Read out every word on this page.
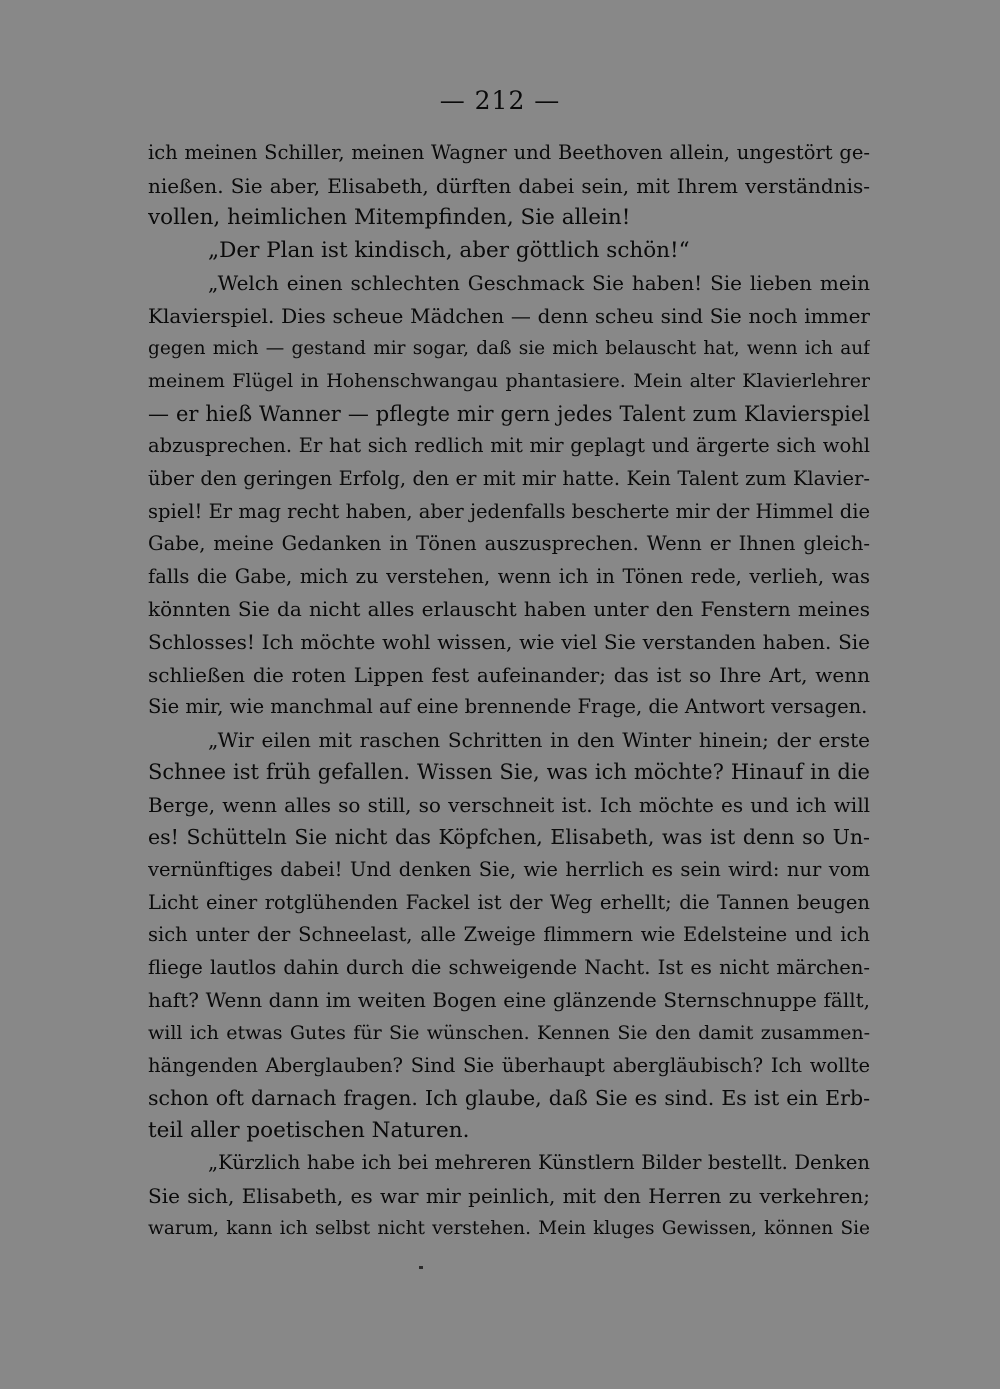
— 212 —
ich meinen Schiller, meinen Wagner und Beethoven allein, ungestört ge-
nießen. Sie aber, Elisabeth, dürften dabei sein, mit Ihrem verständnis-
vollen, heimlichen Mitempfinden, Sie allein!
„Der Plan ist kindisch, aber göttlich schön!“
„Welch einen schlechten Geschmack Sie haben! Sie lieben mein
Klavierspiel. Dies scheue Mädchen — denn scheu sind Sie noch immer
gegen mich — gestand mir sogar, daß sie mich belauscht hat, wenn ich auf
meinem Flügel in Hohenschwangau phantasiere. Mein alter Klavierlehrer
— er hieß Wanner — pflegte mir gern jedes Talent zum Klavierspiel
abzusprechen. Er hat sich redlich mit mir geplagt und ärgerte sich wohl
über den geringen Erfolg, den er mit mir hatte. Kein Talent zum Klavier-
spiel! Er mag recht haben, aber jedenfalls bescherte mir der Himmel die
Gabe, meine Gedanken in Tönen auszusprechen. Wenn er Ihnen gleich-
falls die Gabe, mich zu verstehen, wenn ich in Tönen rede, verlieh, was
könnten Sie da nicht alles erlauscht haben unter den Fenstern meines
Schlosses! Ich möchte wohl wissen, wie viel Sie verstanden haben. Sie
schließen die roten Lippen fest aufeinander; das ist so Ihre Art, wenn
Sie mir, wie manchmal auf eine brennende Frage, die Antwort versagen.
„Wir eilen mit raschen Schritten in den Winter hinein; der erste
Schnee ist früh gefallen. Wissen Sie, was ich möchte? Hinauf in die
Berge, wenn alles so still, so verschneit ist. Ich möchte es und ich will
es! Schütteln Sie nicht das Köpfchen, Elisabeth, was ist denn so Un-
vernünftiges dabei! Und denken Sie, wie herrlich es sein wird: nur vom
Licht einer rotglühenden Fackel ist der Weg erhellt; die Tannen beugen
sich unter der Schneelast, alle Zweige flimmern wie Edelsteine und ich
fliege lautlos dahin durch die schweigende Nacht. Ist es nicht märchen-
haft? Wenn dann im weiten Bogen eine glänzende Sternschnuppe fällt,
will ich etwas Gutes für Sie wünschen. Kennen Sie den damit zusammen-
hängenden Aberglauben? Sind Sie überhaupt abergläubisch? Ich wollte
schon oft darnach fragen. Ich glaube, daß Sie es sind. Es ist ein Erb-
teil aller poetischen Naturen.
„Kürzlich habe ich bei mehreren Künstlern Bilder bestellt. Denken
Sie sich, Elisabeth, es war mir peinlich, mit den Herren zu verkehren;
warum, kann ich selbst nicht verstehen. Mein kluges Gewissen, können Sie
